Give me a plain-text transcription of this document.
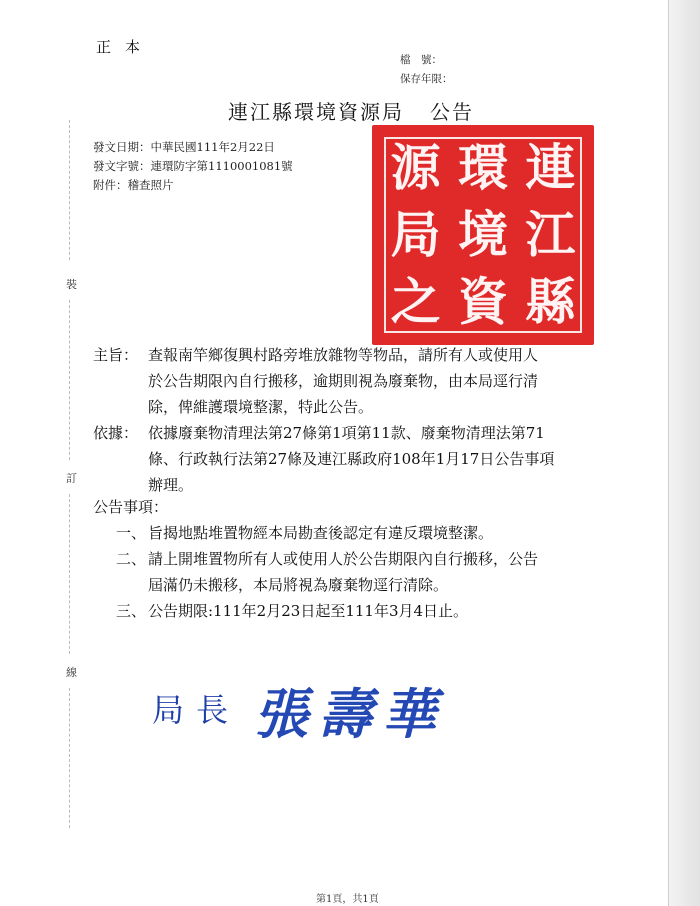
裝
訂
線
正本
檔　號：
保存年限：
連江縣環境資源局 公告
發文日期：中華民國111年2月22日
發文字號：連環防字第1110001081號
附件：稽查照片	連
環
源
江
境
局
縣
資
之
主旨： 查報南竿鄉復興村路旁堆放雜物等物品，請所有人或使用人
於公告期限內自行搬移，逾期則視為廢棄物，由本局逕行清
除，俾維護環境整潔，特此公告。
依據： 依據廢棄物清理法第27條第1項第11款、廢棄物清理法第71
條、行政執行法第27條及連江縣政府108年1月17日公告事項
辦理。
公告事項：
一、 旨揭地點堆置物經本局勘查後認定有違反環境整潔。
二、 請上開堆置物所有人或使用人於公告期限內自行搬移，公告
屆滿仍未搬移，本局將視為廢棄物逕行清除。
三、 公告期限:111年2月23日起至111年3月4日止。
局長 張壽華
第1頁，共1頁
